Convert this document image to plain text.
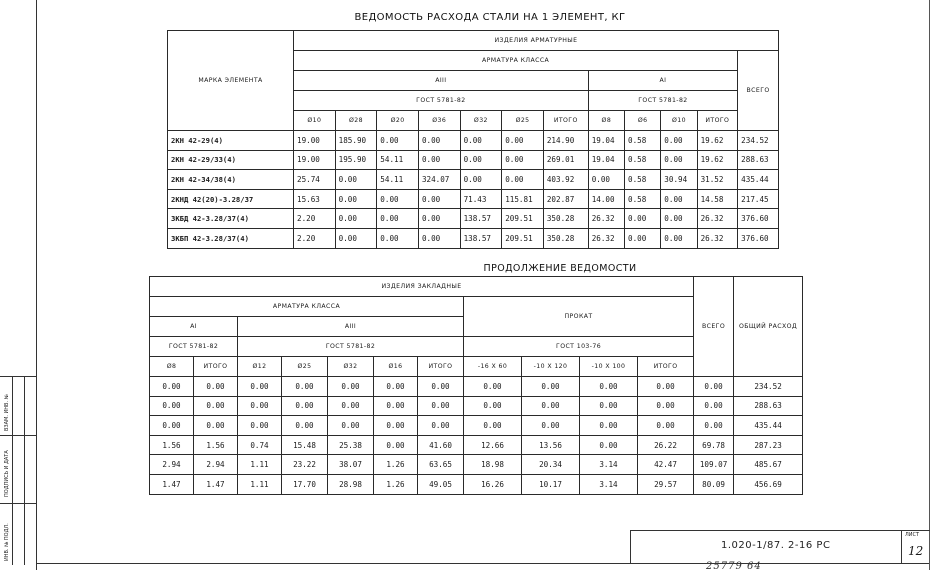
ВЗАМ. ИНВ. №
ПОДПИСЬ И ДАТА
ИНВ. № ПОДЛ.
ВЕДОМОСТЬ РАСХОДА СТАЛИ НА 1 ЭЛЕМЕНТ, КГ
МАРКА ЭЛЕМЕНТА	ИЗДЕЛИЯ АРМАТУРНЫЕ											
	АРМАТУРА КЛАССА											ВСЕГО
	АIII							АI				
	ГОСТ 5781-82							ГОСТ 5781-82				
	Ø10	Ø28	Ø20	Ø36	Ø32	Ø25	ИТОГО	Ø8	Ø6	Ø10	ИТОГО	
2КН 42-29(4)	19.00	185.90	0.00	0.00	0.00	0.00	214.90	19.04	0.58	0.00	19.62	234.52
2КН 42-29/33(4)	19.00	195.90	54.11	0.00	0.00	0.00	269.01	19.04	0.58	0.00	19.62	288.63
2КН 42-34/38(4)	25.74	0.00	54.11	324.07	0.00	0.00	403.92	0.00	0.58	30.94	31.52	435.44
2КНД 42(20)-3.28/37	15.63	0.00	0.00	0.00	71.43	115.81	202.87	14.00	0.58	0.00	14.58	217.45
3КБД 42-3.28/37(4)	2.20	0.00	0.00	0.00	138.57	209.51	350.28	26.32	0.00	0.00	26.32	376.60
3КБП 42-3.28/37(4)	2.20	0.00	0.00	0.00	138.57	209.51	350.28	26.32	0.00	0.00	26.32	376.60
ПРОДОЛЖЕНИЕ ВЕДОМОСТИ
ИЗДЕЛИЯ ЗАКЛАДНЫЕ											ВСЕГО	ОБЩИЙ РАСХОД
АРМАТУРА КЛАССА							ПРОКАТ					
АI		АIII										
ГОСТ 5781-82		ГОСТ 5781-82					ГОСТ 103-76					
Ø8	ИТОГО	Ø12	Ø25	Ø32	Ø16	ИТОГО	-16 Х 60	-10 Х 120	-10 Х 100	ИТОГО		
0.00	0.00	0.00	0.00	0.00	0.00	0.00	0.00	0.00	0.00	0.00	0.00	234.52
0.00	0.00	0.00	0.00	0.00	0.00	0.00	0.00	0.00	0.00	0.00	0.00	288.63
0.00	0.00	0.00	0.00	0.00	0.00	0.00	0.00	0.00	0.00	0.00	0.00	435.44
1.56	1.56	0.74	15.48	25.38	0.00	41.60	12.66	13.56	0.00	26.22	69.78	287.23
2.94	2.94	1.11	23.22	38.07	1.26	63.65	18.98	20.34	3.14	42.47	109.07	485.67
1.47	1.47	1.11	17.70	28.98	1.26	49.05	16.26	10.17	3.14	29.57	80.09	456.69
1.020-1/87. 2-16 РС
ЛИСТ
12
25779 64
